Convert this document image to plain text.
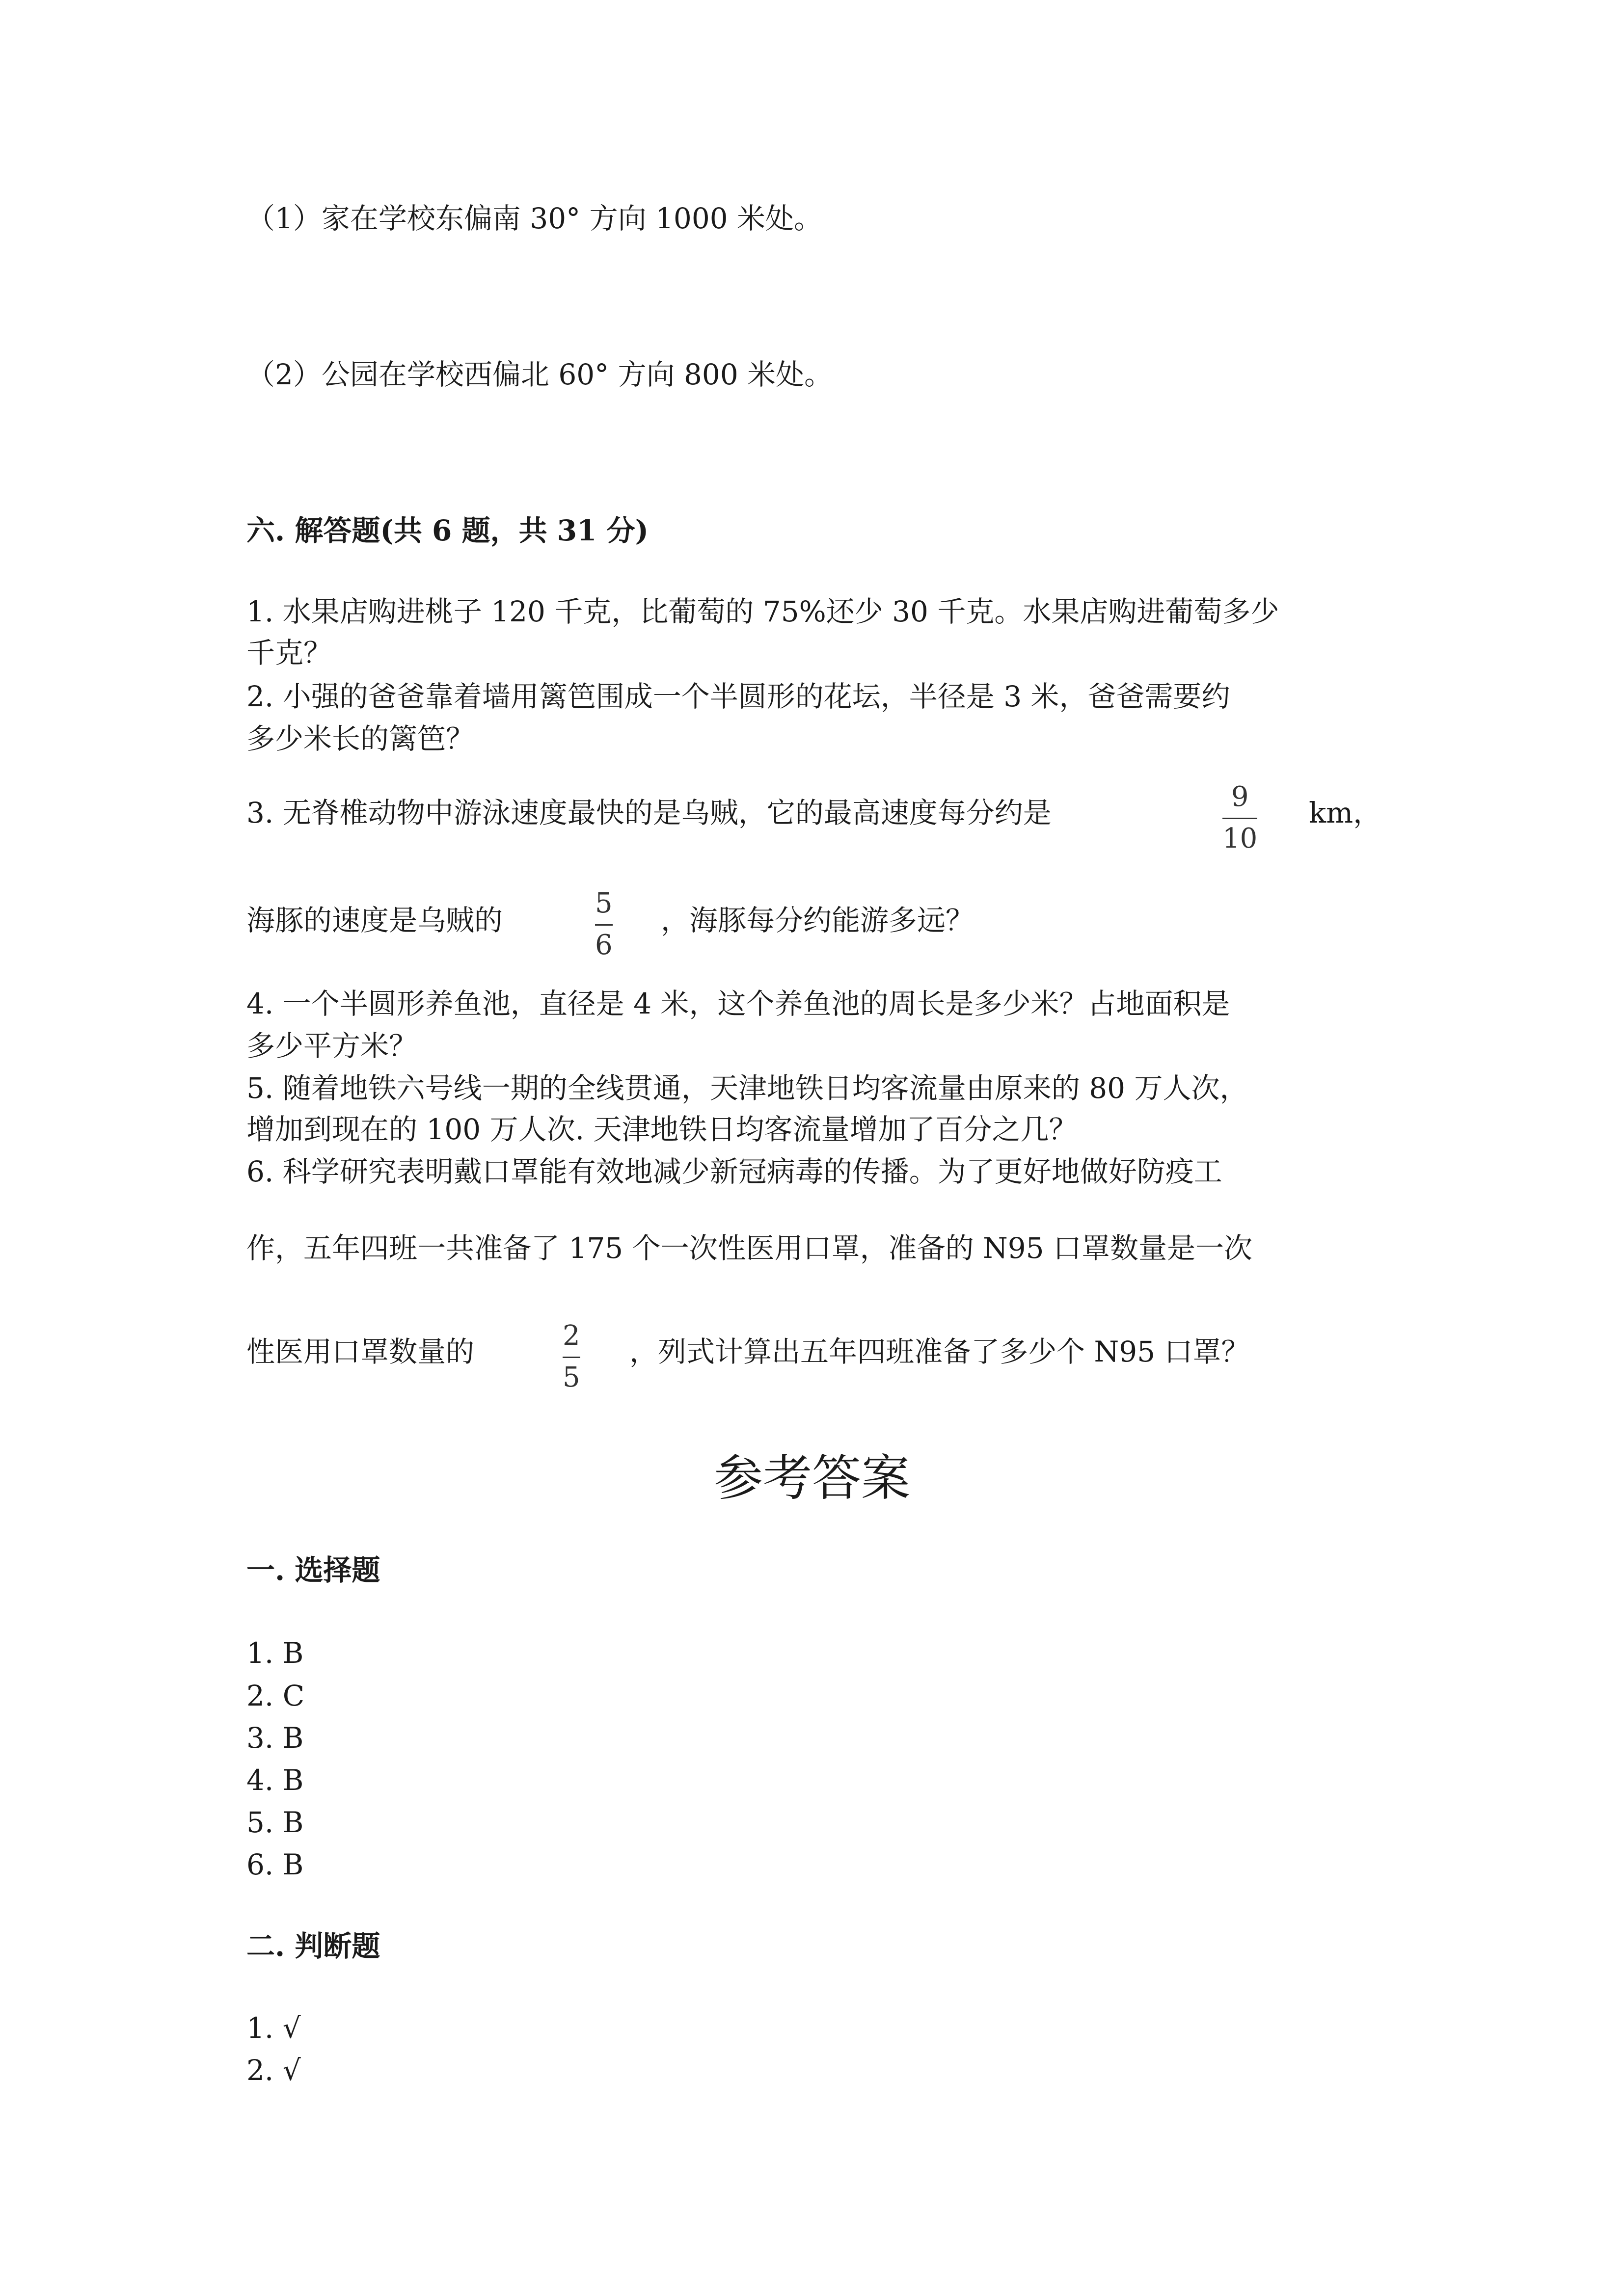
（1）家在学校东偏南 30° 方向 1000 米处。
（2）公园在学校西偏北 60° 方向 800 米处。
六. 解答题(共 6 题，共 31 分)
1. 水果店购进桃子 120 千克，比葡萄的 75%还少 30 千克。水果店购进葡萄多少
千克？
2. 小强的爸爸靠着墙用篱笆围成一个半圆形的花坛，半径是 3 米，爸爸需要约
多少米长的篱笆？
3. 无脊椎动物中游泳速度最快的是乌贼，它的最高速度每分约是	9
10
km，
海豚的速度是乌贼的
5
6
，海豚每分约能游多远？
4. 一个半圆形养鱼池，直径是 4 米，这个养鱼池的周长是多少米？占地面积是
多少平方米？
5. 随着地铁六号线一期的全线贯通，天津地铁日均客流量由原来的 80 万人次，
增加到现在的 100 万人次. 天津地铁日均客流量增加了百分之几？
6. 科学研究表明戴口罩能有效地减少新冠病毒的传播。为了更好地做好防疫工
作，五年四班一共准备了 175 个一次性医用口罩，准备的 N95 口罩数量是一次
性医用口罩数量的	2
5
，列式计算出五年四班准备了多少个 N95 口罩？
参考答案
一. 选择题
1. B
2. C
3. B
4. B
5. B
6. B
二. 判断题
1. √
2. √
